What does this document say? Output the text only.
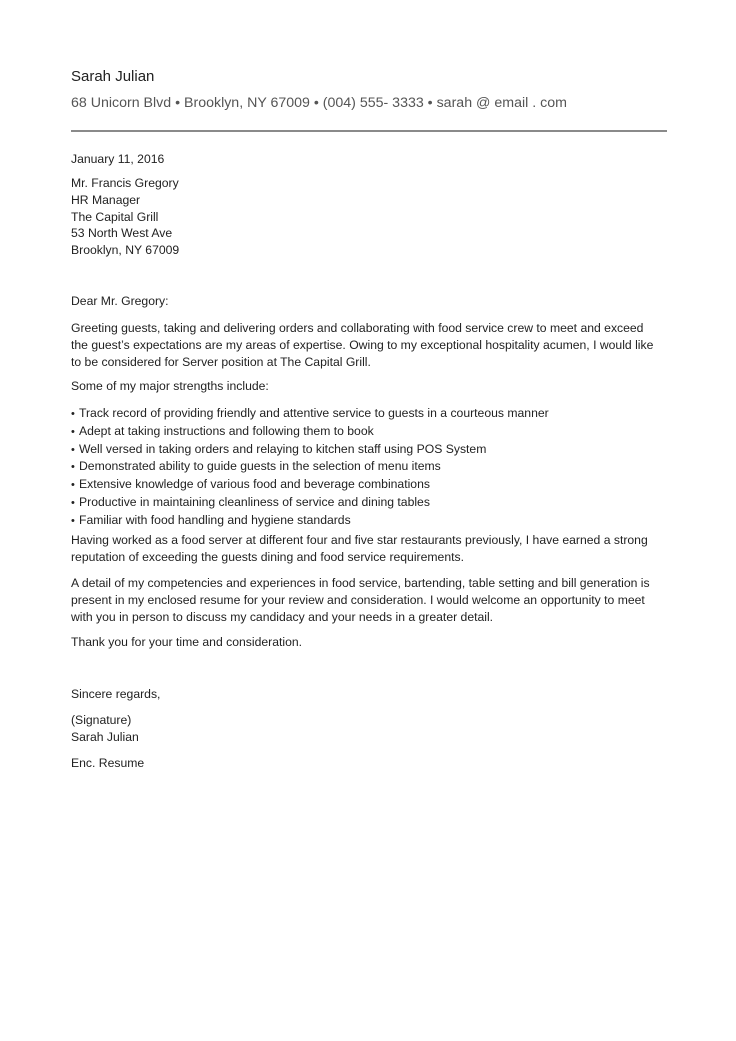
Sarah Julian
68 Unicorn Blvd • Brooklyn, NY 67009 • (004) 555- 3333 • sarah @ email . com
January 11, 2016
Mr. Francis Gregory
HR Manager
The Capital Grill
53 North West Ave
Brooklyn, NY 67009
Dear Mr. Gregory:
Greeting guests, taking and delivering orders and collaborating with food service crew to meet and exceed the guest’s expectations are my areas of expertise. Owing to my exceptional hospitality acumen, I would like to be considered for Server position at The Capital Grill.
Some of my major strengths include:
• Track record of providing friendly and attentive service to guests in a courteous manner
• Adept at taking instructions and following them to book
• Well versed in taking orders and relaying to kitchen staff using POS System
• Demonstrated ability to guide guests in the selection of menu items
• Extensive knowledge of various food and beverage combinations
• Productive in maintaining cleanliness of service and dining tables
• Familiar with food handling and hygiene standards
Having worked as a food server at different four and five star restaurants previously, I have earned a strong reputation of exceeding the guests dining and food service requirements.
A detail of my competencies and experiences in food service, bartending, table setting and bill generation is present in my enclosed resume for your review and consideration. I would welcome an opportunity to meet with you in person to discuss my candidacy and your needs in a greater detail.
Thank you for your time and consideration.
Sincere regards,
(Signature)
Sarah Julian
Enc. Resume
